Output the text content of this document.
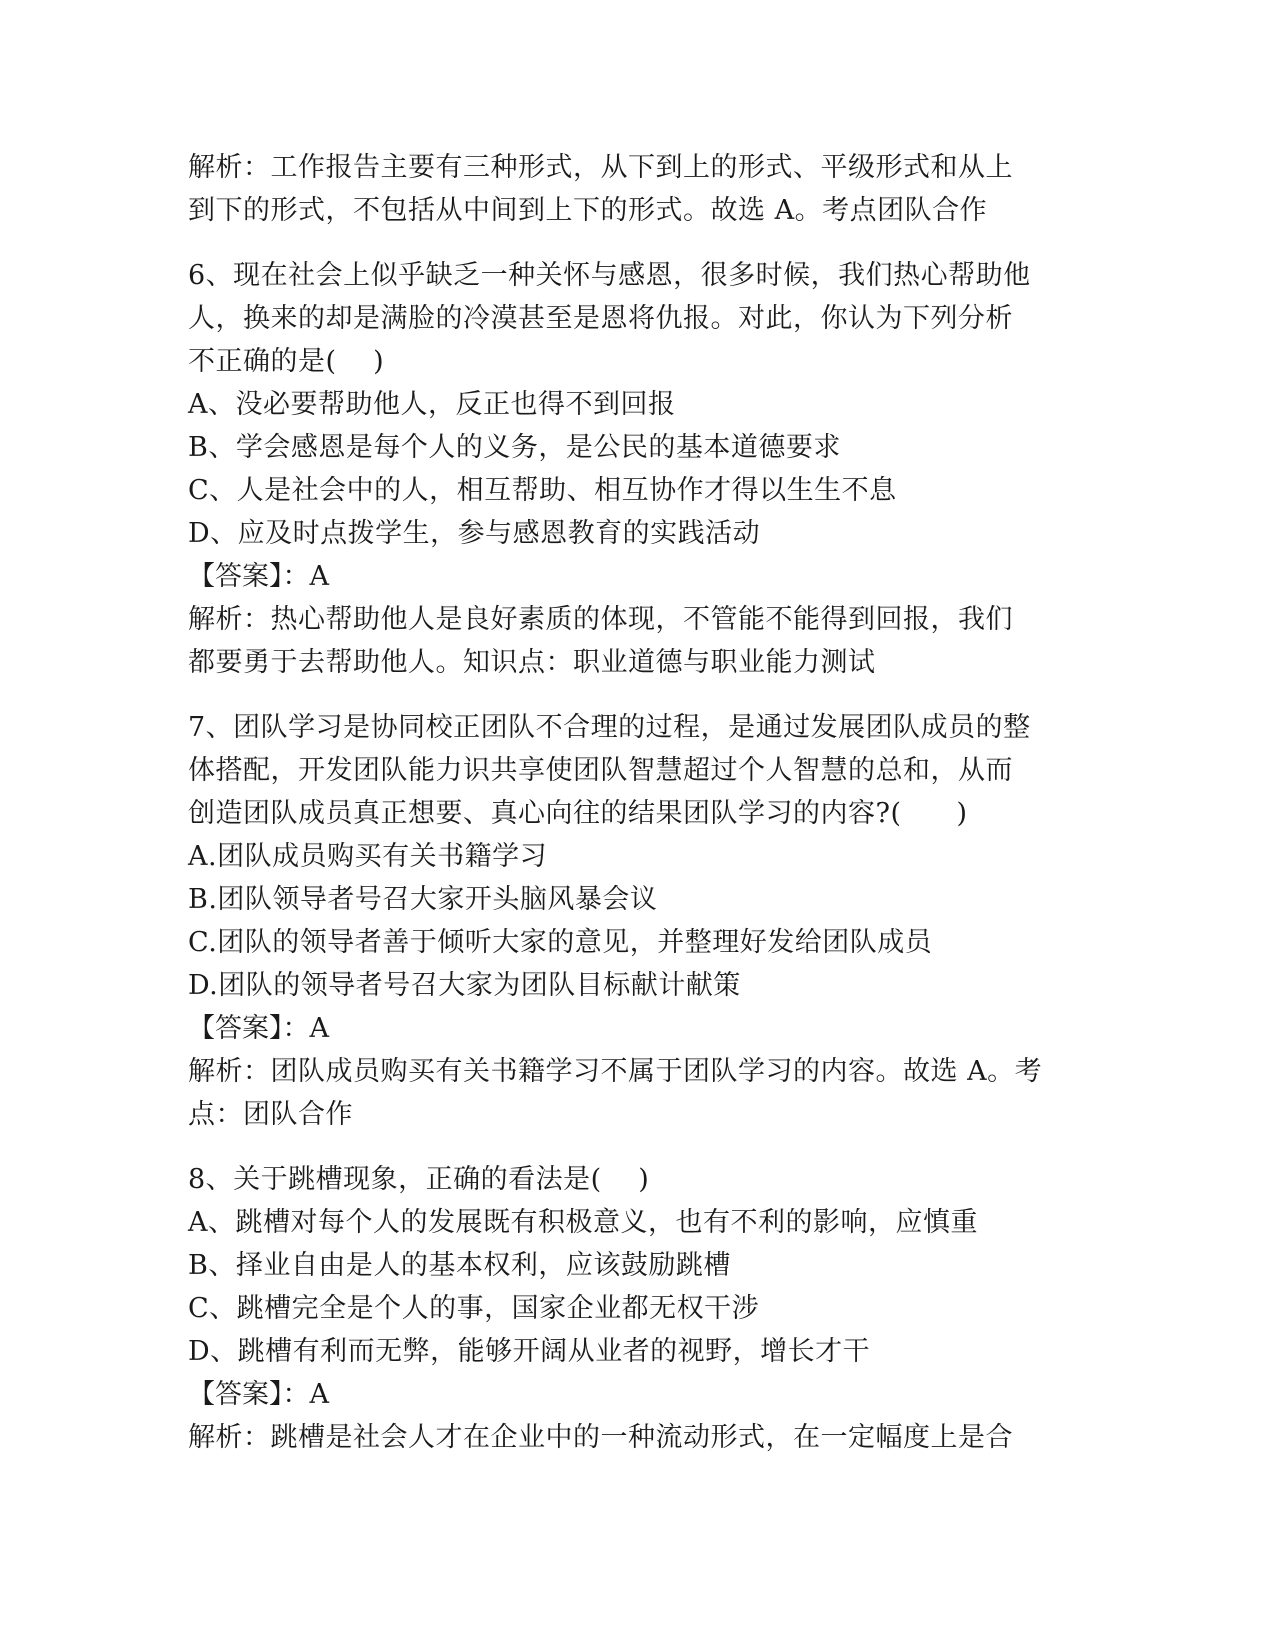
解析：工作报告主要有三种形式，从下到上的形式、平级形式和从上
到下的形式，不包括从中间到上下的形式。故选 A。考点团队合作
6、现在社会上似乎缺乏一种关怀与感恩，很多时候，我们热心帮助他
人，换来的却是满脸的冷漠甚至是恩将仇报。对此，你认为下列分析
不正确的是(　 )
A、没必要帮助他人，反正也得不到回报
B、学会感恩是每个人的义务，是公民的基本道德要求
C、人是社会中的人，相互帮助、相互协作才得以生生不息
D、应及时点拨学生，参与感恩教育的实践活动
【答案】：A
解析：热心帮助他人是良好素质的体现，不管能不能得到回报，我们
都要勇于去帮助他人。知识点：职业道德与职业能力测试
7、团队学习是协同校正团队不合理的过程，是通过发展团队成员的整
体搭配，开发团队能力识共享使团队智慧超过个人智慧的总和，从而
创造团队成员真正想要、真心向往的结果团队学习的内容?(　　)
A.团队成员购买有关书籍学习
B.团队领导者号召大家开头脑风暴会议
C.团队的领导者善于倾听大家的意见，并整理好发给团队成员
D.团队的领导者号召大家为团队目标献计献策
【答案】：A
解析：团队成员购买有关书籍学习不属于团队学习的内容。故选 A。考
点：团队合作
8、关于跳槽现象，正确的看法是(　 )
A、跳槽对每个人的发展既有积极意义，也有不利的影响，应慎重
B、择业自由是人的基本权利，应该鼓励跳槽
C、跳槽完全是个人的事，国家企业都无权干涉
D、跳槽有利而无弊，能够开阔从业者的视野，增长才干
【答案】：A
解析：跳槽是社会人才在企业中的一种流动形式，在一定幅度上是合
